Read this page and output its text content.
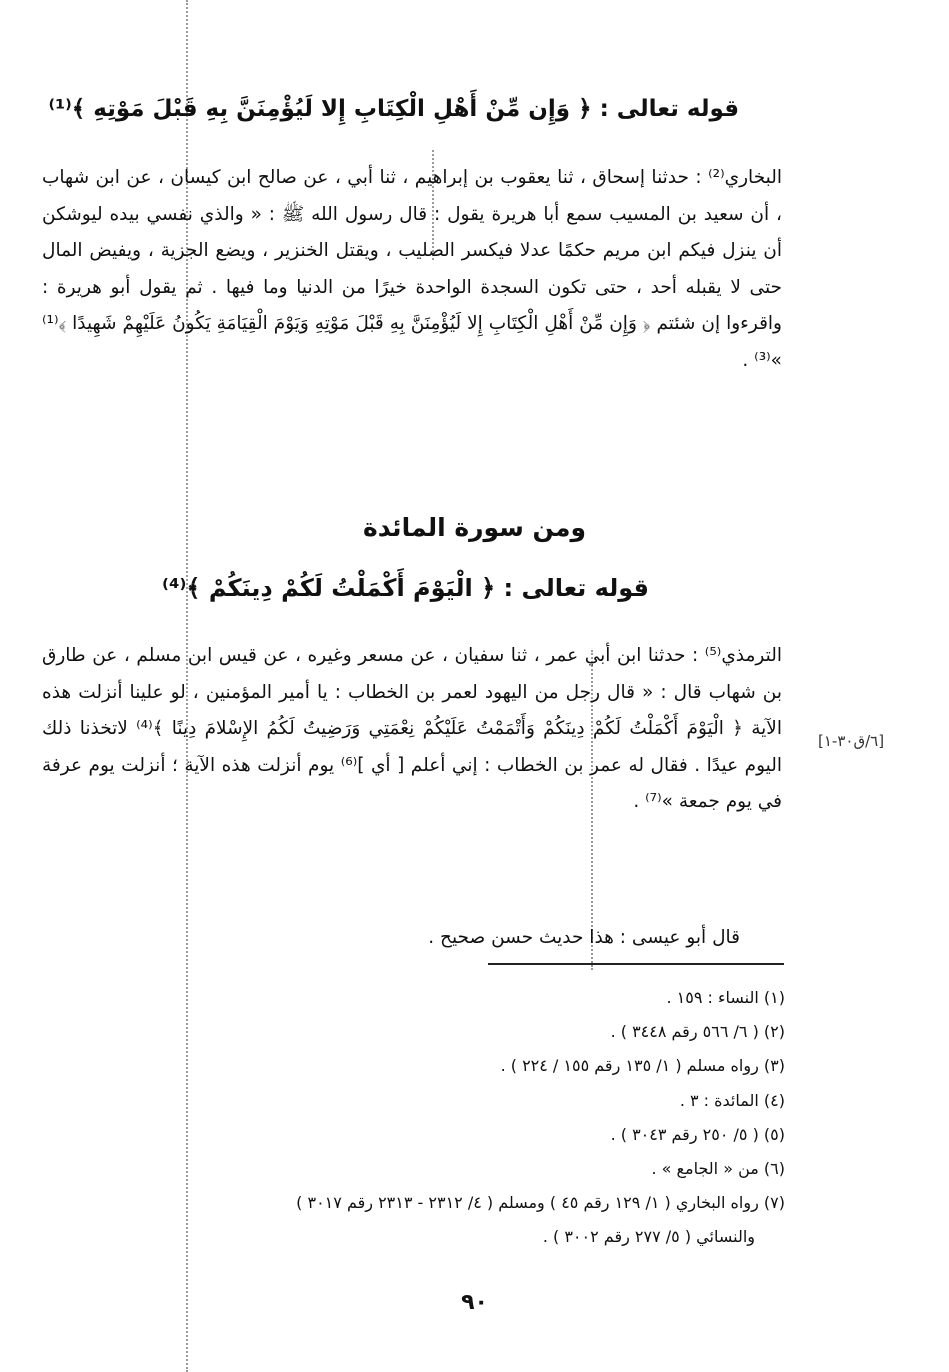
قوله تعالى : ﴿ وَإِن مِّنْ أَهْلِ الْكِتَابِ إِلا لَيُؤْمِنَنَّ بِهِ قَبْلَ مَوْتِهِ ﴾⁽¹⁾

البخاري⁽²⁾ : حدثنا إسحاق ، ثنا يعقوب بن إبراهيم ، ثنا أبي ، عن صالح ابن كيسان ، عن ابن شهاب ، أن سعيد بن المسيب سمع أبا هريرة يقول : قال رسول الله ﷺ : « والذي نفسي بيده ليوشكن أن ينزل فيكم ابن مريم حكمًا عدلا فيكسر الصليب ، ويقتل الخنزير ، ويضع الجزية ، ويفيض المال حتى لا يقبله أحد ، حتى تكون السجدة الواحدة خيرًا من الدنيا وما فيها . ثم يقول أبو هريرة : واقرءوا إن شئتم ﴿ وَإِن مِّنْ أَهْلِ الْكِتَابِ إِلا لَيُؤْمِنَنَّ بِهِ قَبْلَ مَوْتِهِ وَيَوْمَ الْقِيَامَةِ يَكُونُ عَلَيْهِمْ شَهِيدًا ﴾⁽¹⁾ »⁽³⁾ .

ومن سورة المائدة
قوله تعالى : ﴿ الْيَوْمَ أَكْمَلْتُ لَكُمْ دِينَكُمْ ﴾⁽⁴⁾

الترمذي⁽⁵⁾ : حدثنا ابن أبي عمر ، ثنا سفيان ، عن مسعر وغيره ، عن قيس ابن مسلم ، عن طارق بن شهاب قال : « قال رجل من اليهود لعمر بن الخطاب : يا أمير المؤمنين ، لو علينا أنزلت هذه الآية ﴿ الْيَوْمَ أَكْمَلْتُ لَكُمْ دِينَكُمْ وَأَتْمَمْتُ عَلَيْكُمْ نِعْمَتِي وَرَضِيتُ لَكُمُ الإِسْلامَ دِينًا ﴾⁽⁴⁾ لاتخذنا ذلك اليوم عيدًا . فقال له عمر بن الخطاب : إني أعلم [ أي ]⁽⁶⁾ يوم أنزلت هذه الآية ؛ أنزلت يوم عرفة في يوم جمعة »⁽⁷⁾ .

[٦/ق٣٠-١]

قال أبو عيسى : هذا حديث حسن صحيح .

(١) النساء : ١٥٩ .
(٢) ( ٦/ ٥٦٦ رقم ٣٤٤٨ ) .
(٣) رواه مسلم ( ١/ ١٣٥ رقم ١٥٥ / ٢٢٤ ) .
(٤) المائدة : ٣ .
(٥) ( ٥/ ٢٥٠ رقم ٣٠٤٣ ) .
(٦) من « الجامع » .
(٧) رواه البخاري ( ١/ ١٢٩ رقم ٤٥ ) ومسلم ( ٤/ ٢٣١٢ - ٢٣١٣ رقم ٣٠١٧ )
والنسائي ( ٥/ ٢٧٧ رقم ٣٠٠٢ ) .
٩٠
